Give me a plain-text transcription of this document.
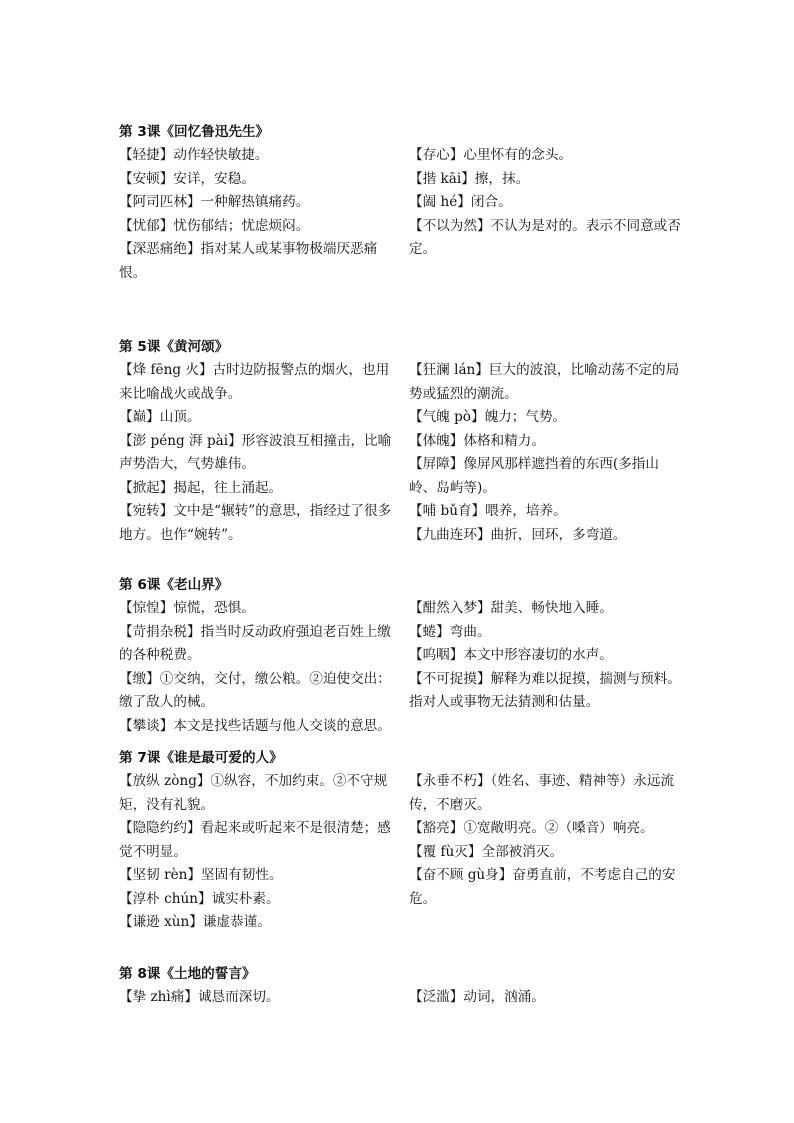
第 3课《回忆鲁迅先生》

【轻捷】动作轻快敏捷。

【安顿】安详，安稳。

【阿司匹林】一种解热镇痛药。

【忧郁】忧伤郁结；忧虑烦闷。

【深恶痛绝】指对某人或某事物极端厌恶痛恨。

【存心】心里怀有的念头。

【揩 kāi】擦，抹。

【阖 hé】闭合。

【不以为然】不认为是对的。表示不同意或否定。

第 5课《黄河颂》

【烽 fēng 火】古时边防报警点的烟火，也用来比喻战火或战争。

【巅】山顶。

【澎 péng 湃 pài】形容波浪互相撞击，比喻声势浩大，气势雄伟。

【掀起】揭起，往上涌起。

【宛转】文中是“辗转”的意思，指经过了很多地方。也作“婉转”。

【狂澜 lán】巨大的波浪，比喻动荡不定的局势或猛烈的潮流。

【气魄 pò】魄力；气势。

【体魄】体格和精力。

【屏障】像屏风那样遮挡着的东西(多指山岭、岛屿等)。

【哺 bǔ育】喂养，培养。

【九曲连环】曲折，回环，多弯道。

第 6课《老山界》

【惊惶】惊慌，恐惧。

【苛捐杂税】指当时反动政府强迫老百姓上缴的各种税费。

【缴】①交纳，交付，缴公粮。②迫使交出：缴了敌人的械。

【攀谈】本文是找些话题与他人交谈的意思。

【酣然入梦】甜美、畅快地入睡。

【蜷】弯曲。

【呜咽】本文中形容凄切的水声。

【不可捉摸】解释为难以捉摸，揣测与预料。指对人或事物无法猜测和估量。

第 7课《谁是最可爱的人》

【放纵 zòng】①纵容，不加约束。②不守规矩，没有礼貌。

【隐隐约约】看起来或听起来不是很清楚；感觉不明显。

【坚韧 rèn】坚固有韧性。

【淳朴 chún】诚实朴素。

【谦逊 xùn】谦虚恭谨。

【永垂不朽】（姓名、事迹、精神等）永远流传，不磨灭。

【豁亮】①宽敞明亮。②（嗓音）响亮。

【覆 fù灭】全部被消灭。

【奋不顾 gù身】奋勇直前，不考虑自己的安危。

第 8课《土地的誓言》

【挚 zhì痛】诚恳而深切。	【泛滥】动词，汹涌。
